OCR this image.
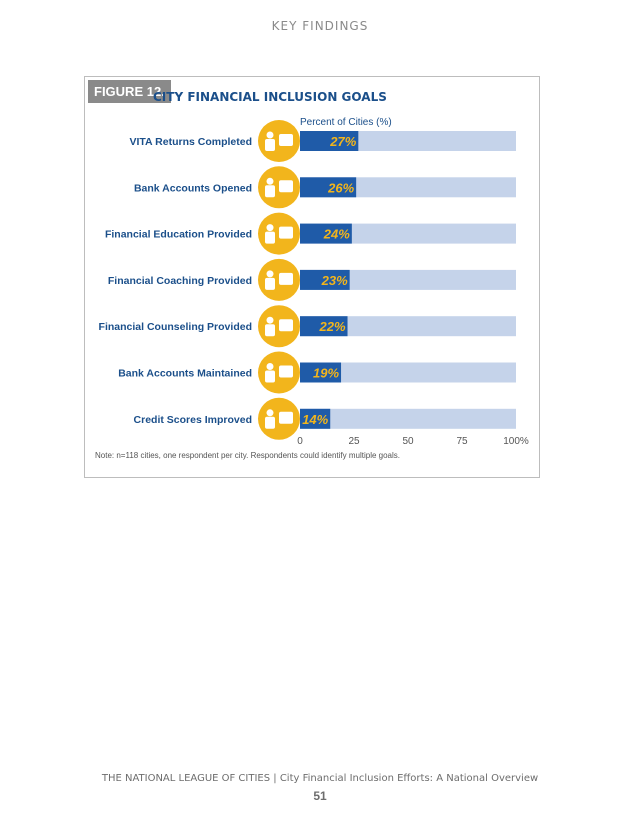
KEY FINDINGS
FIGURE 12.
CITY FINANCIAL INCLUSION GOALS
Percent of Cities (%)
27%
VITA Returns Completed
26%
Bank Accounts Opened
24%
Financial Education Provided
23%
Financial Coaching Provided
22%
Financial Counseling Provided
19%
Bank Accounts Maintained
14%
Credit Scores Improved
0	25	50	75	100%
Note: n=118 cities, one respondent per city. Respondents could identify multiple goals.
THE NATIONAL LEAGUE OF CITIES | City Financial Inclusion Efforts: A National Overview
51
